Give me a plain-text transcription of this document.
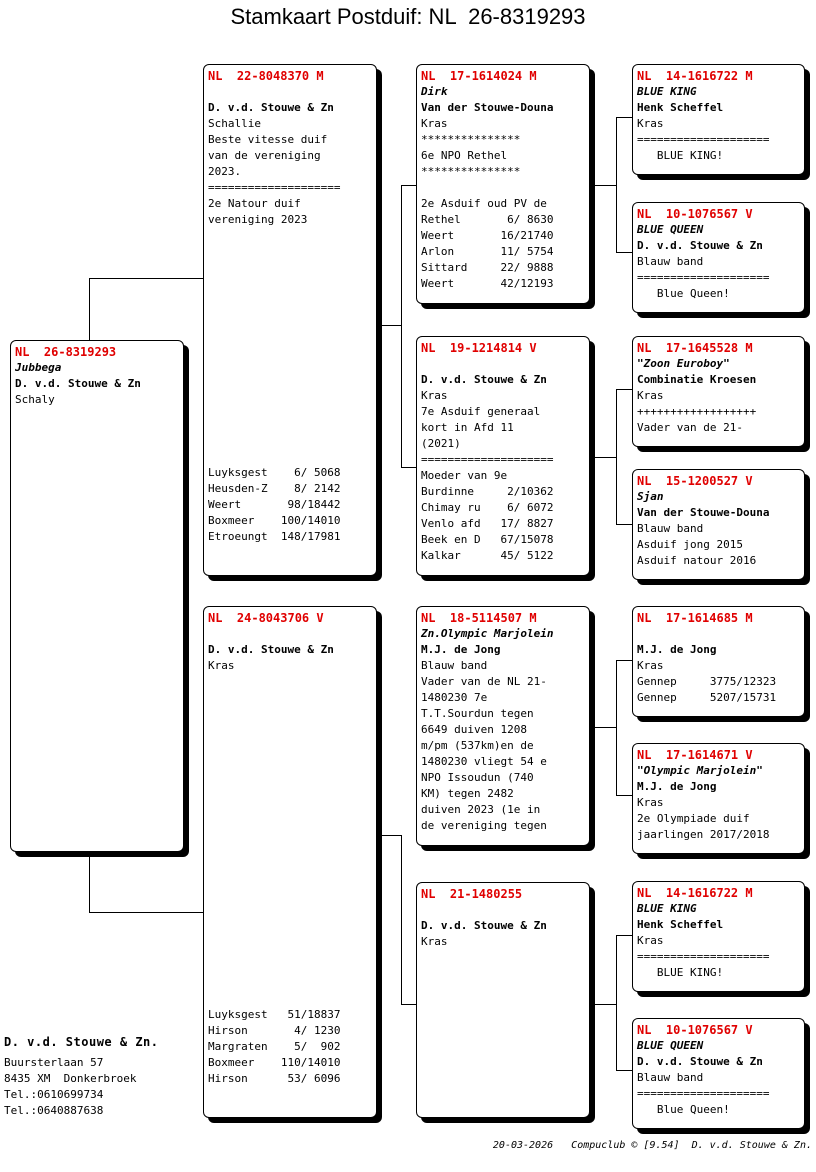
Stamkaart Postduif: NL  26-8319293
NL  26-8319293
Jubbega
D. v.d. Stouwe & Zn
Schaly
NL  22-8048370 M
D. v.d. Stouwe & Zn
Schallie
Beste vitesse duif
van de vereniging
2023.
====================
2e Natour duif
vereniging 2023
Luyksgest    6/ 5068
Heusden-Z    8/ 2142
Weert       98/18442
Boxmeer    100/14010
Etroeungt  148/17981
NL  24-8043706 V
D. v.d. Stouwe & Zn
Kras
Luyksgest   51/18837
Hirson       4/ 1230
Margraten    5/  902
Boxmeer    110/14010
Hirson      53/ 6096
NL  17-1614024 M
Dirk
Van der Stouwe-Douna
Kras
***************
6e NPO Rethel
***************
2e Asduif oud PV de
Rethel       6/ 8630
Weert       16/21740
Arlon       11/ 5754
Sittard     22/ 9888
Weert       42/12193
NL  19-1214814 V
D. v.d. Stouwe & Zn
Kras
7e Asduif generaal
kort in Afd 11
(2021)
====================
Moeder van 9e
Burdinne     2/10362
Chimay ru    6/ 6072
Venlo afd   17/ 8827
Beek en D   67/15078
Kalkar      45/ 5122
NL  18-5114507 M
Zn.Olympic Marjolein
M.J. de Jong
Blauw band
Vader van de NL 21-
1480230 7e
T.T.Sourdun tegen
6649 duiven 1208
m/pm (537km)en de
1480230 vliegt 54 e
NPO Issoudun (740
KM) tegen 2482
duiven 2023 (1e in
de vereniging tegen
NL  21-1480255
D. v.d. Stouwe & Zn
Kras
NL  14-1616722 M
BLUE KING
Henk Scheffel
Kras
====================
BLUE KING!
NL  10-1076567 V
BLUE QUEEN
D. v.d. Stouwe & Zn
Blauw band
====================
Blue Queen!
NL  17-1645528 M
"Zoon Euroboy"
Combinatie Kroesen
Kras
++++++++++++++++++
Vader van de 21-
NL  15-1200527 V
Sjan
Van der Stouwe-Douna
Blauw band
Asduif jong 2015
Asduif natour 2016
NL  17-1614685 M
M.J. de Jong
Kras
Gennep     3775/12323
Gennep     5207/15731
NL  17-1614671 V
"Olympic Marjolein"
M.J. de Jong
Kras
2e Olympiade duif
jaarlingen 2017/2018
NL  14-1616722 M
BLUE KING
Henk Scheffel
Kras
====================
BLUE KING!
NL  10-1076567 V
BLUE QUEEN
D. v.d. Stouwe & Zn
Blauw band
====================
Blue Queen!
D. v.d. Stouwe & Zn.
Buursterlaan 57
8435 XM  Donkerbroek
Tel.:0610699734
Tel.:0640887638
20-03-2026   Compuclub © [9.54]  D. v.d. Stouwe & Zn.
